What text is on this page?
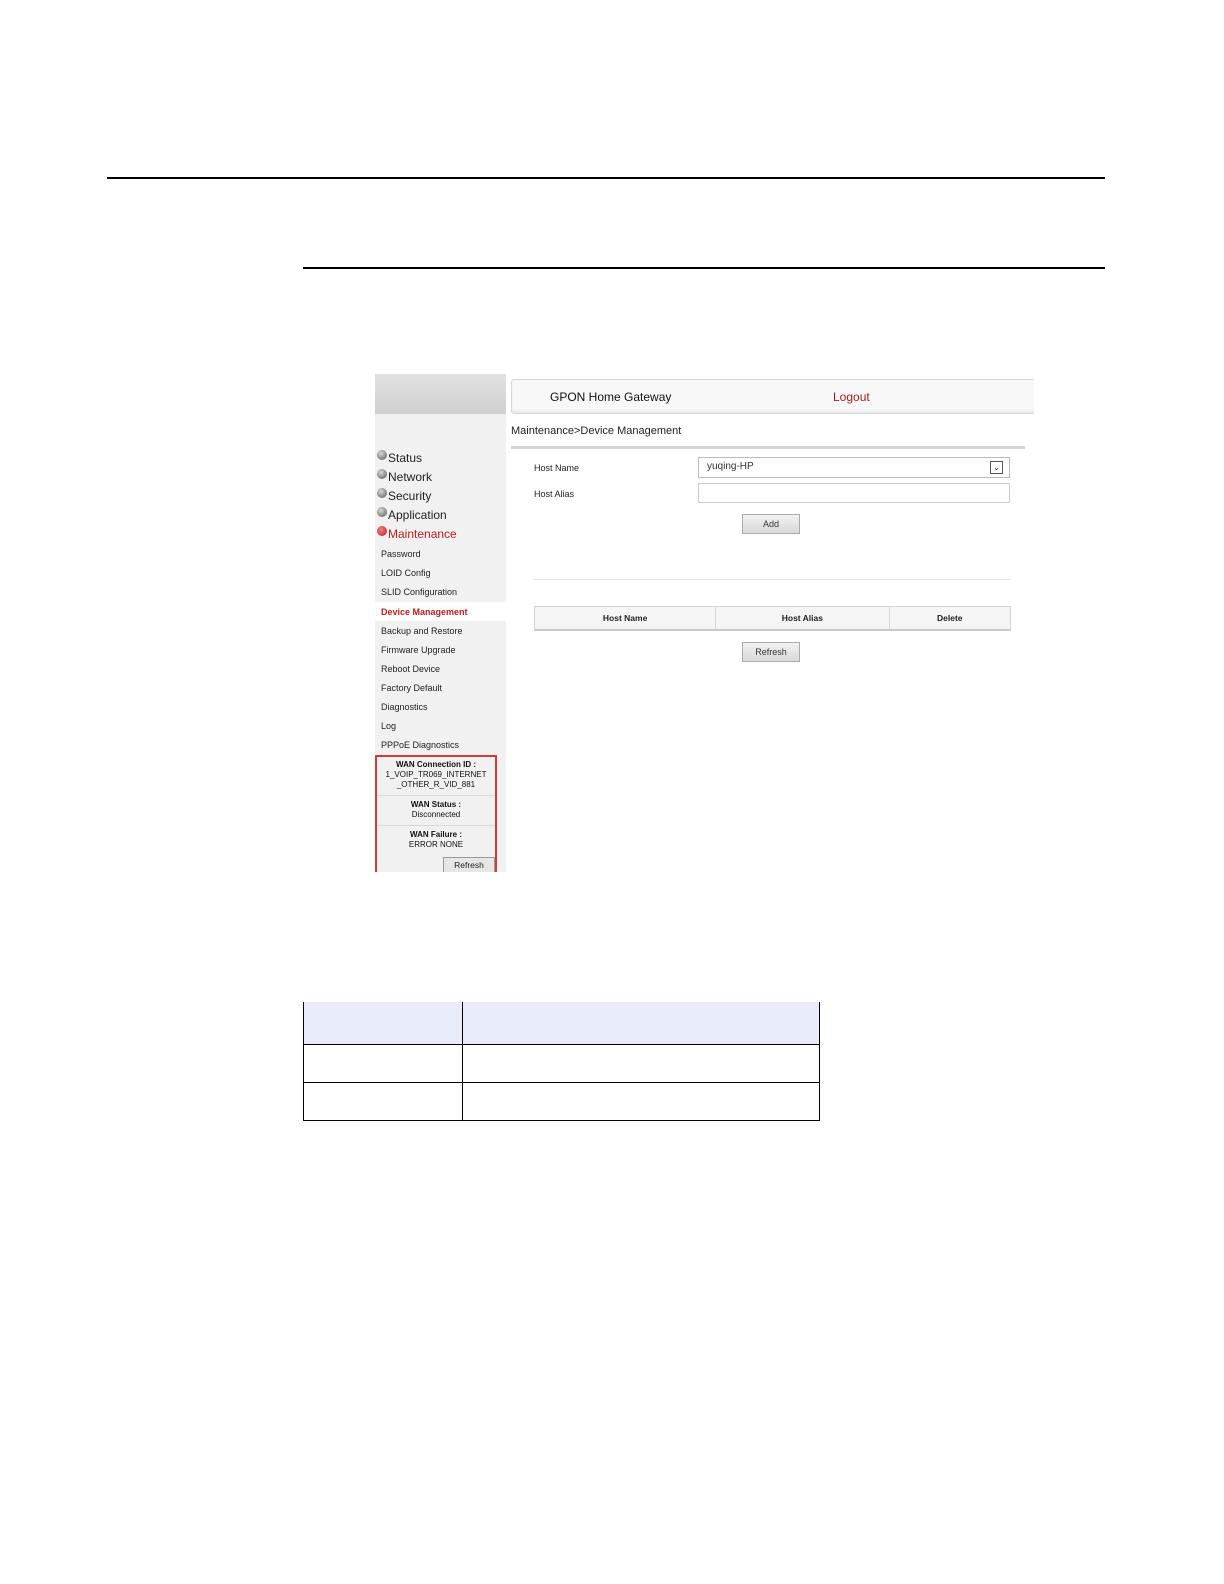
GPON Home Gateway	Logout
Maintenance>Device Management
Status
Network
Security
Application
Maintenance
Password
LOID Config
SLID Configuration
Device Management
Backup and Restore
Firmware Upgrade
Reboot Device
Factory Default
Diagnostics
Log
PPPoE Diagnostics
WAN Connection ID :
1_VOIP_TR069_INTERNET
_OTHER_R_VID_881
WAN Status :
Disconnected
WAN Failure :
ERROR NONE
Refresh
Host Name	yuqing-HP	⌄
Host Alias
Add
Host Name	Host Alias	Delete
Refresh
